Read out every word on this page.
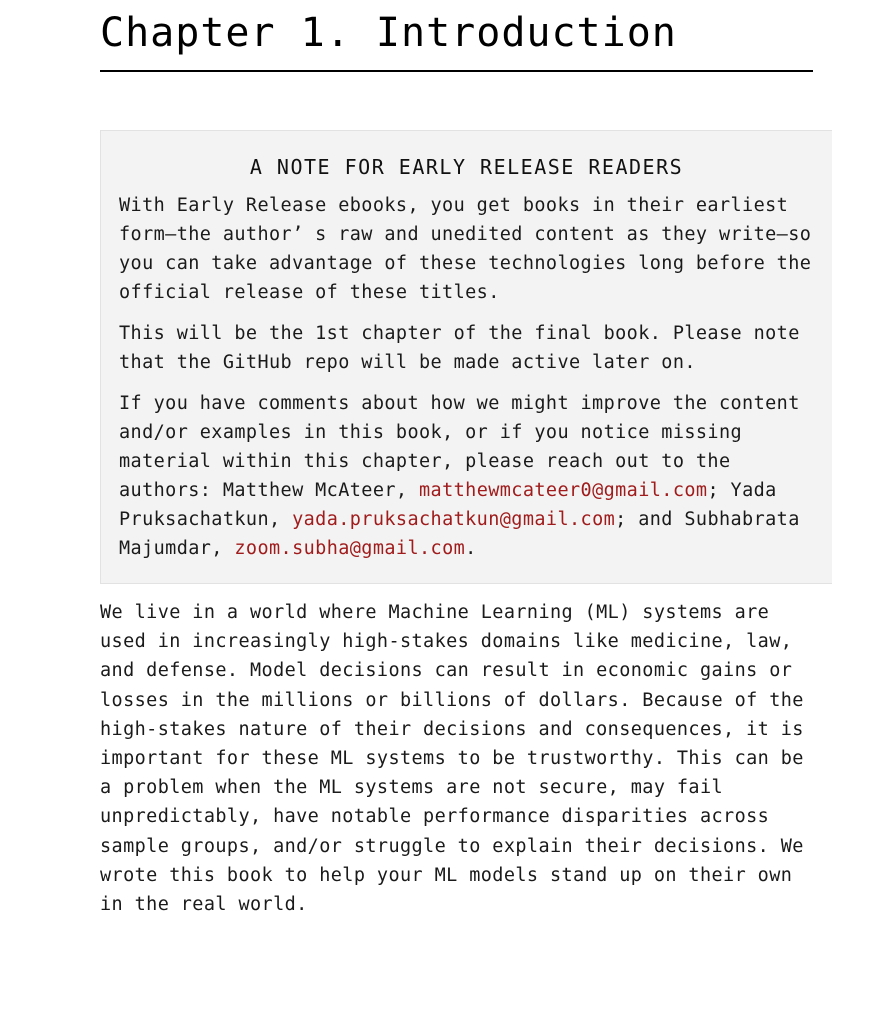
Chapter 1. Introduction
A NOTE FOR EARLY RELEASE READERS

With Early Release ebooks, you get books in their earliest form—the author’ s raw and unedited content as they write—so you can take advantage of these technologies long before the official release of these titles.

This will be the 1st chapter of the final book. Please note that the GitHub repo will be made active later on.

If you have comments about how we might improve the content and/or examples in this book, or if you notice missing material within this chapter, please reach out to the authors: Matthew McAteer, matthewmcateer0@gmail.com; Yada Pruksachatkun, yada.pruksachatkun@gmail.com; and Subhabrata Majumdar, zoom.subha@gmail.com.

We live in a world where Machine Learning (ML) systems are used in increasingly high-stakes domains like medicine, law, and defense. Model decisions can result in economic gains or losses in the millions or billions of dollars. Because of the high-stakes nature of their decisions and consequences, it is important for these ML systems to be trustworthy. This can be a problem when the ML systems are not secure, may fail unpredictably, have notable performance disparities across sample groups, and/or struggle to explain their decisions. We wrote this book to help your ML models stand up on their own in the real world.
